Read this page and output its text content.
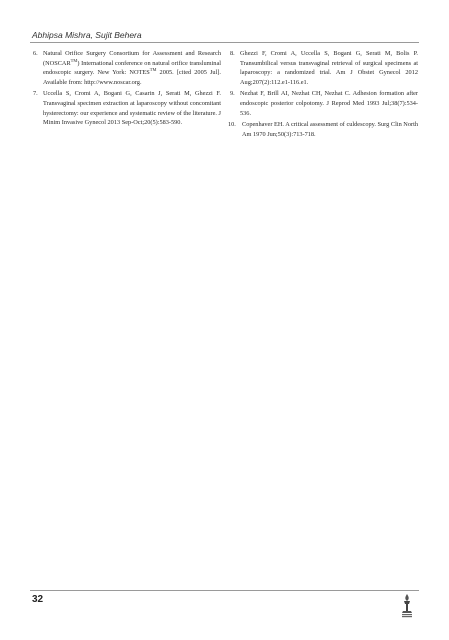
Abhipsa Mishra, Sujit Behera

6. Natural Orifice Surgery Consortium for Assessment and Research (NOSCAR™) International conference on natural orifice transluminal endoscopic surgery. New York: NOTES™ 2005. [cited 2005 Jul]. Available from: http://www.noscar.org.

7. Uccella S, Cromi A, Bogani G, Casarin J, Serati M, Ghezzi F. Transvaginal specimen extraction at laparoscopy without concomitant hysterectomy: our experience and systematic review of the literature. J Minim Invasive Gynecol 2013 Sep-Oct;20(5):583-590.

8. Ghezzi F, Cromi A, Uccella S, Bogani G, Serati M, Bolis P. Transumbilical versus transvaginal retrieval of surgical specimens at laparoscopy: a randomized trial. Am J Obstet Gynecol 2012 Aug;207(2):112.e1-116.e1.

9. Nezhat F, Brill AI, Nezhat CH, Nezhat C. Adhesion formation after endoscopic posterior colpotomy. J Reprod Med 1993 Jul;38(7):534-536.

10. Copenhaver EH. A critical assessment of culdescopy. Surg Clin North Am 1970 Jun;50(3):713-718.

32
